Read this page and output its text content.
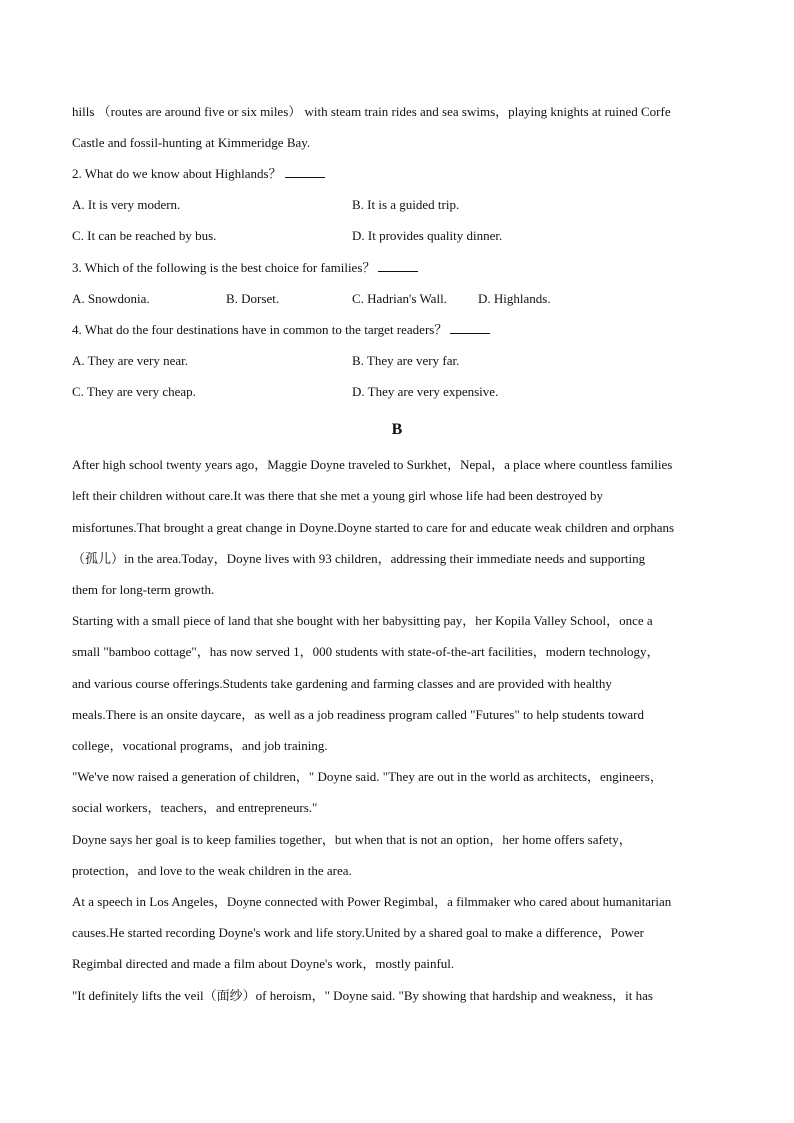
hills （routes are around five or six miles） with steam train rides and sea swims，playing knights at ruined Corfe
Castle and fossil-hunting at Kimmeridge Bay.
2. What do we know about Highlands？
A. It is very modern.	B. It is a guided trip.
C. It can be reached by bus.	D. It provides quality dinner.
3. Which of the following is the best choice for families？
A. Snowdonia.	B. Dorset.	C. Hadrian's Wall. D. Highlands.
4. What do the four destinations have in common to the target readers？
A. They are very near.	B. They are very far.
C. They are very cheap.	D. They are very expensive.
B
After high school twenty years ago，Maggie Doyne traveled to Surkhet，Nepal，a place where countless families
left their children without care.It was there that she met a young girl whose life had been destroyed by
misfortunes.That brought a great change in Doyne.Doyne started to care for and educate weak children and orphans
（孤儿）in the area.Today，Doyne lives with 93 children，addressing their immediate needs and supporting
them for long-term growth.
Starting with a small piece of land that she bought with her babysitting pay，her Kopila Valley School，once a
small "bamboo cottage"，has now served 1，000 students with state-of-the-art facilities，modern technology，
and various course offerings.Students take gardening and farming classes and are provided with healthy
meals.There is an onsite daycare，as well as a job readiness program called "Futures" to help students toward
college，vocational programs，and job training.
"We've now raised a generation of children，" Doyne said. "They are out in the world as architects，engineers，
social workers，teachers，and entrepreneurs."
Doyne says her goal is to keep families together，but when that is not an option，her home offers safety，
protection，and love to the weak children in the area.
At a speech in Los Angeles，Doyne connected with Power Regimbal，a filmmaker who cared about humanitarian
causes.He started recording Doyne's work and life story.United by a shared goal to make a difference，Power
Regimbal directed and made a film about Doyne's work，mostly painful.
"It definitely lifts the veil（面纱）of heroism，" Doyne said. "By showing that hardship and weakness，it has
